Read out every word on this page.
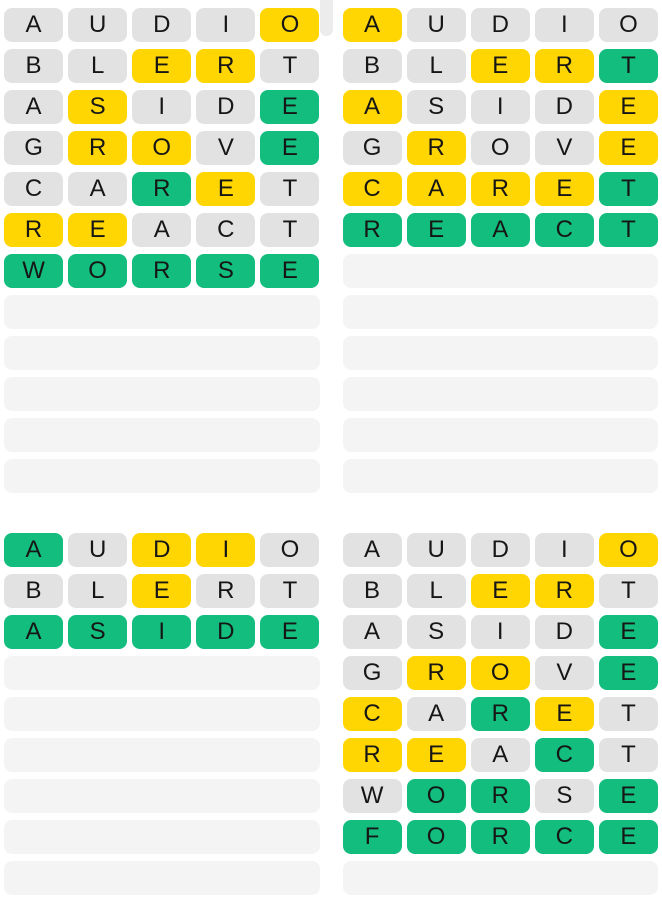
A	U	D	I	O
B	L	E	R	T
A	S	I	D	E
G	R	O	V	E
C	A	R	E	T
R	E	A	C	T
W	O	R	S	E
A	U	D	I	O
B	L	E	R	T
A	S	I	D	E
G	R	O	V	E
C	A	R	E	T
R	E	A	C	T
A	U	D	I	O
B	L	E	R	T
A	S	I	D	E
A	U	D	I	O
B	L	E	R	T
A	S	I	D	E
G	R	O	V	E
C	A	R	E	T
R	E	A	C	T
W	O	R	S	E
F	O	R	C	E
